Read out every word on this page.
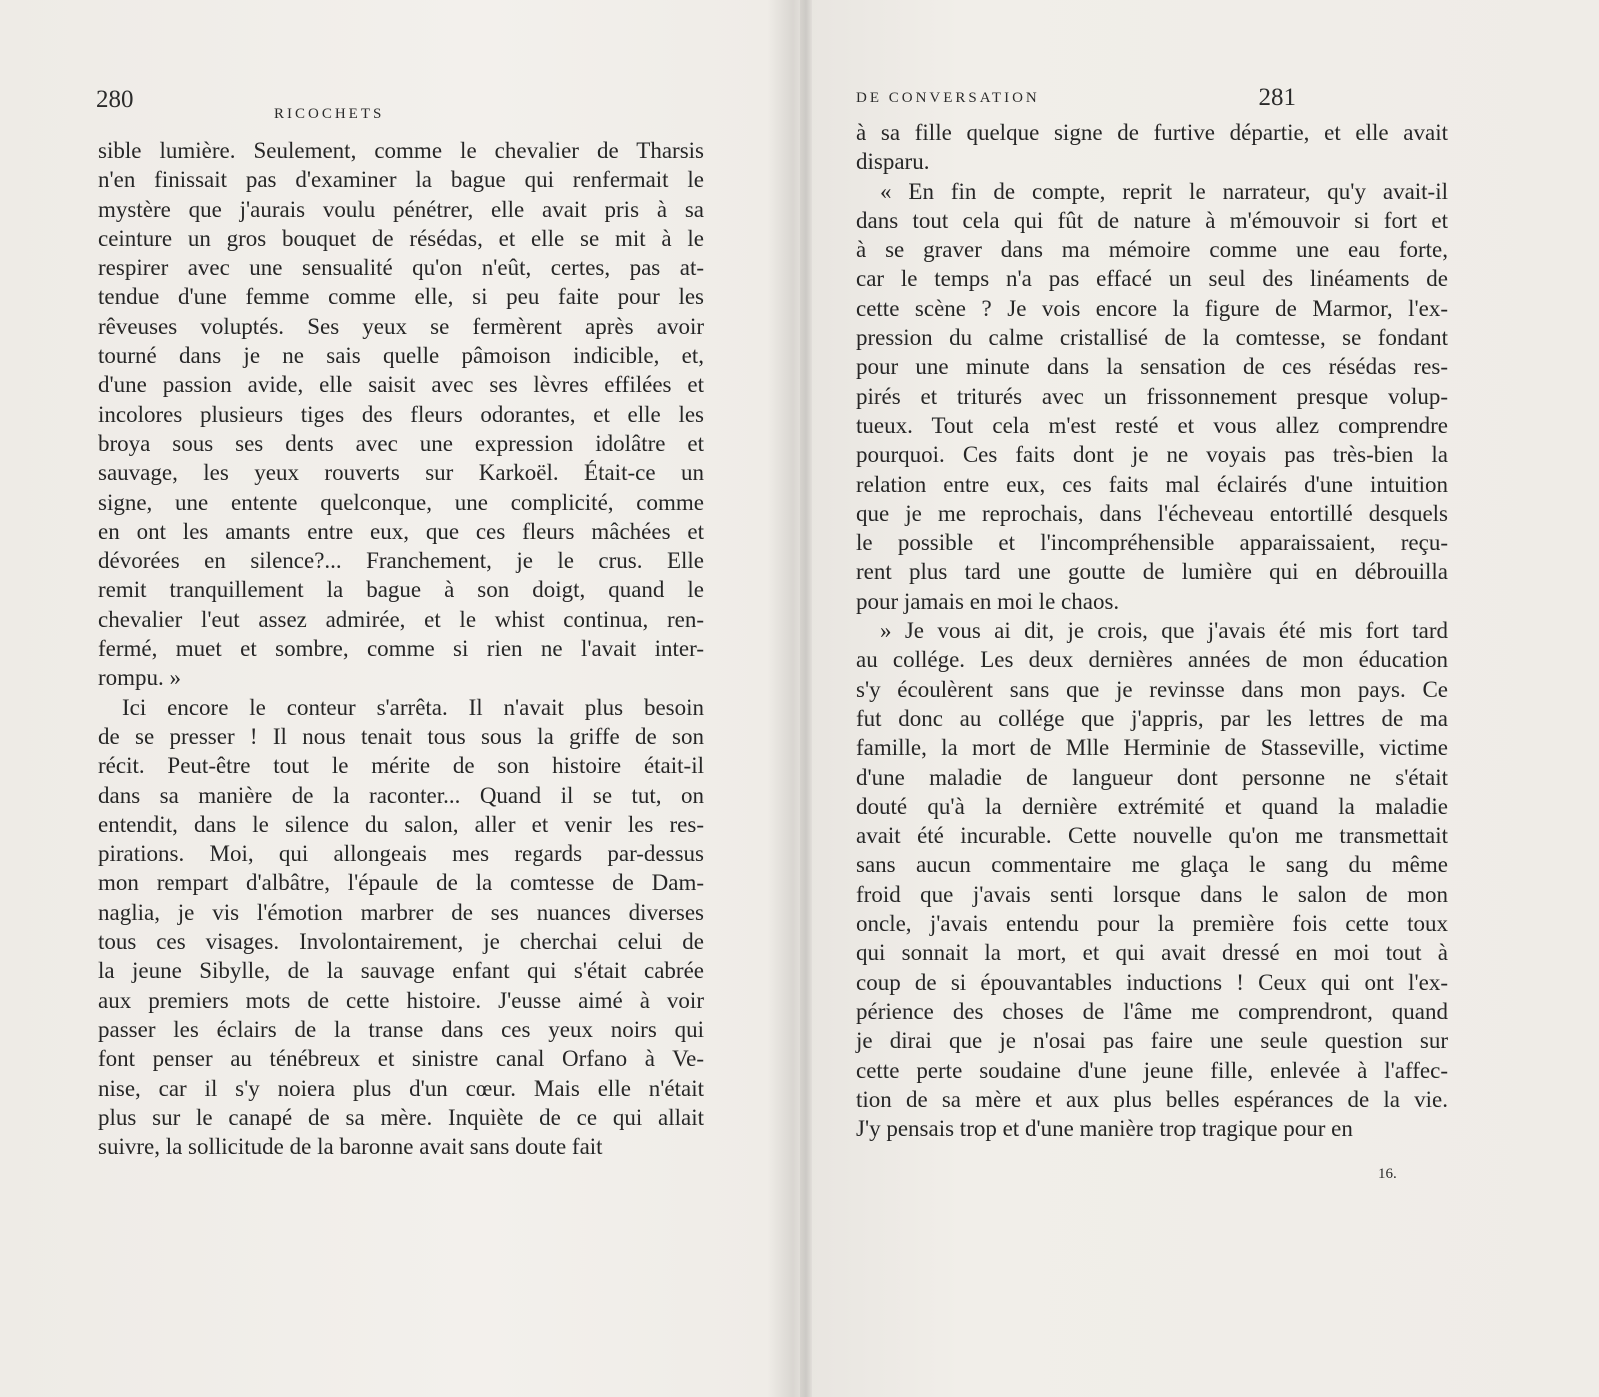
280
RICOCHETS
sible lumière. Seulement, comme le chevalier de Tharsis
n'en finissait pas d'examiner la bague qui renfermait le
mystère que j'aurais voulu pénétrer, elle avait pris à sa
ceinture un gros bouquet de résédas, et elle se mit à le
respirer avec une sensualité qu'on n'eût, certes, pas at-
tendue d'une femme comme elle, si peu faite pour les
rêveuses voluptés. Ses yeux se fermèrent après avoir
tourné dans je ne sais quelle pâmoison indicible, et,
d'une passion avide, elle saisit avec ses lèvres effilées et
incolores plusieurs tiges des fleurs odorantes, et elle les
broya sous ses dents avec une expression idolâtre et
sauvage, les yeux rouverts sur Karkoël. Était-ce un
signe, une entente quelconque, une complicité, comme
en ont les amants entre eux, que ces fleurs mâchées et
dévorées en silence?... Franchement, je le crus. Elle
remit tranquillement la bague à son doigt, quand le
chevalier l'eut assez admirée, et le whist continua, ren-
fermé, muet et sombre, comme si rien ne l'avait inter-
rompu. »
Ici encore le conteur s'arrêta. Il n'avait plus besoin
de se presser ! Il nous tenait tous sous la griffe de son
récit. Peut-être tout le mérite de son histoire était-il
dans sa manière de la raconter... Quand il se tut, on
entendit, dans le silence du salon, aller et venir les res-
pirations. Moi, qui allongeais mes regards par-dessus
mon rempart d'albâtre, l'épaule de la comtesse de Dam-
naglia, je vis l'émotion marbrer de ses nuances diverses
tous ces visages. Involontairement, je cherchai celui de
la jeune Sibylle, de la sauvage enfant qui s'était cabrée
aux premiers mots de cette histoire. J'eusse aimé à voir
passer les éclairs de la transe dans ces yeux noirs qui
font penser au ténébreux et sinistre canal Orfano à Ve-
nise, car il s'y noiera plus d'un cœur. Mais elle n'était
plus sur le canapé de sa mère. Inquiète de ce qui allait
suivre, la sollicitude de la baronne avait sans doute fait
DE CONVERSATION	281
à sa fille quelque signe de furtive départie, et elle avait
disparu.
« En fin de compte, reprit le narrateur, qu'y avait-il
dans tout cela qui fût de nature à m'émouvoir si fort et
à se graver dans ma mémoire comme une eau forte,
car le temps n'a pas effacé un seul des linéaments de
cette scène ? Je vois encore la figure de Marmor, l'ex-
pression du calme cristallisé de la comtesse, se fondant
pour une minute dans la sensation de ces résédas res-
pirés et triturés avec un frissonnement presque volup-
tueux. Tout cela m'est resté et vous allez comprendre
pourquoi. Ces faits dont je ne voyais pas très-bien la
relation entre eux, ces faits mal éclairés d'une intuition
que je me reprochais, dans l'écheveau entortillé desquels
le possible et l'incompréhensible apparaissaient, reçu-
rent plus tard une goutte de lumière qui en débrouilla
pour jamais en moi le chaos.
» Je vous ai dit, je crois, que j'avais été mis fort tard
au collége. Les deux dernières années de mon éducation
s'y écoulèrent sans que je revinsse dans mon pays. Ce
fut donc au collége que j'appris, par les lettres de ma
famille, la mort de Mlle Herminie de Stasseville, victime
d'une maladie de langueur dont personne ne s'était
douté qu'à la dernière extrémité et quand la maladie
avait été incurable. Cette nouvelle qu'on me transmettait
sans aucun commentaire me glaça le sang du même
froid que j'avais senti lorsque dans le salon de mon
oncle, j'avais entendu pour la première fois cette toux
qui sonnait la mort, et qui avait dressé en moi tout à
coup de si épouvantables inductions ! Ceux qui ont l'ex-
périence des choses de l'âme me comprendront, quand
je dirai que je n'osai pas faire une seule question sur
cette perte soudaine d'une jeune fille, enlevée à l'affec-
tion de sa mère et aux plus belles espérances de la vie.
J'y pensais trop et d'une manière trop tragique pour en
16.
